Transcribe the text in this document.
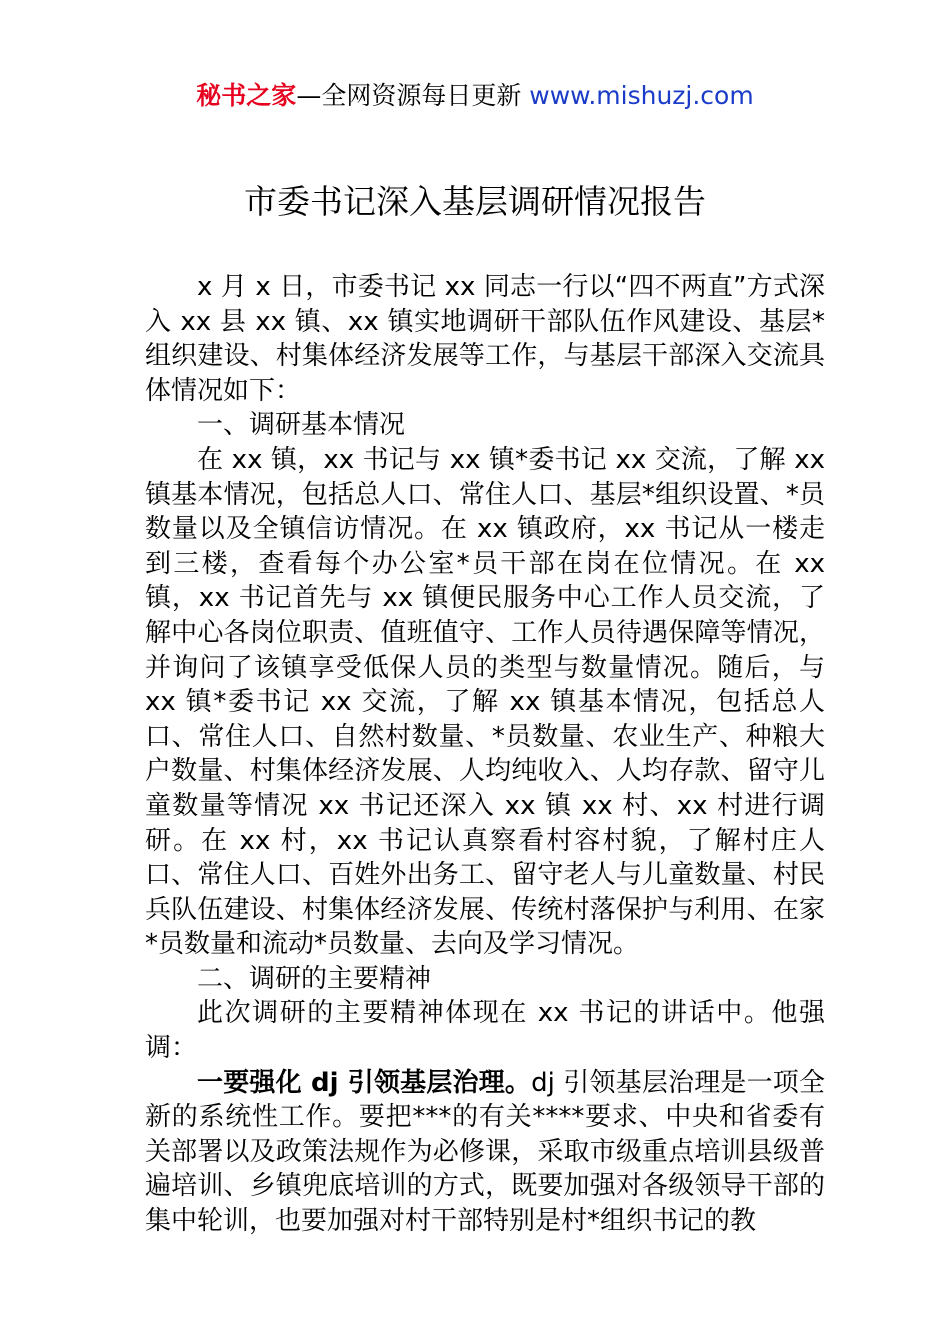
秘书之家—全网资源每日更新 www.mishuzj.com
市委书记深入基层调研情况报告

x 月 x 日，市委书记 xx 同志一行以“四不两直”方式深入 xx 县 xx 镇、xx 镇实地调研干部队伍作风建设、基层*组织建设、村集体经济发展等工作，与基层干部深入交流具体情况如下：

一、调研基本情况

在 xx 镇，xx 书记与 xx 镇*委书记 xx 交流，了解 xx 镇基本情况，包括总人口、常住人口、基层*组织设置、*员数量以及全镇信访情况。在 xx 镇政府，xx 书记从一楼走到三楼，查看每个办公室*员干部在岗在位情况。在 xx 镇，xx 书记首先与 xx 镇便民服务中心工作人员交流，了解中心各岗位职责、值班值守、工作人员待遇保障等情况，并询问了该镇享受低保人员的类型与数量情况。随后，与 xx 镇*委书记 xx 交流，了解 xx 镇基本情况，包括总人口、常住人口、自然村数量、*员数量、农业生产、种粮大户数量、村集体经济发展、人均纯收入、人均存款、留守儿童数量等情况 xx 书记还深入 xx 镇 xx 村、xx 村进行调研。在 xx 村，xx 书记认真察看村容村貌，了解村庄人口、常住人口、百姓外出务工、留守老人与儿童数量、村民兵队伍建设、村集体经济发展、传统村落保护与利用、在家*员数量和流动*员数量、去向及学习情况。

二、调研的主要精神

此次调研的主要精神体现在 xx 书记的讲话中。他强调：

一要强化 dj 引领基层治理。dj 引领基层治理是一项全新的系统性工作。要把***的有关****要求、中央和省委有关部署以及政策法规作为必修课，采取市级重点培训县级普遍培训、乡镇兜底培训的方式，既要加强对各级领导干部的集中轮训，也要加强对村干部特别是村*组织书记的教
